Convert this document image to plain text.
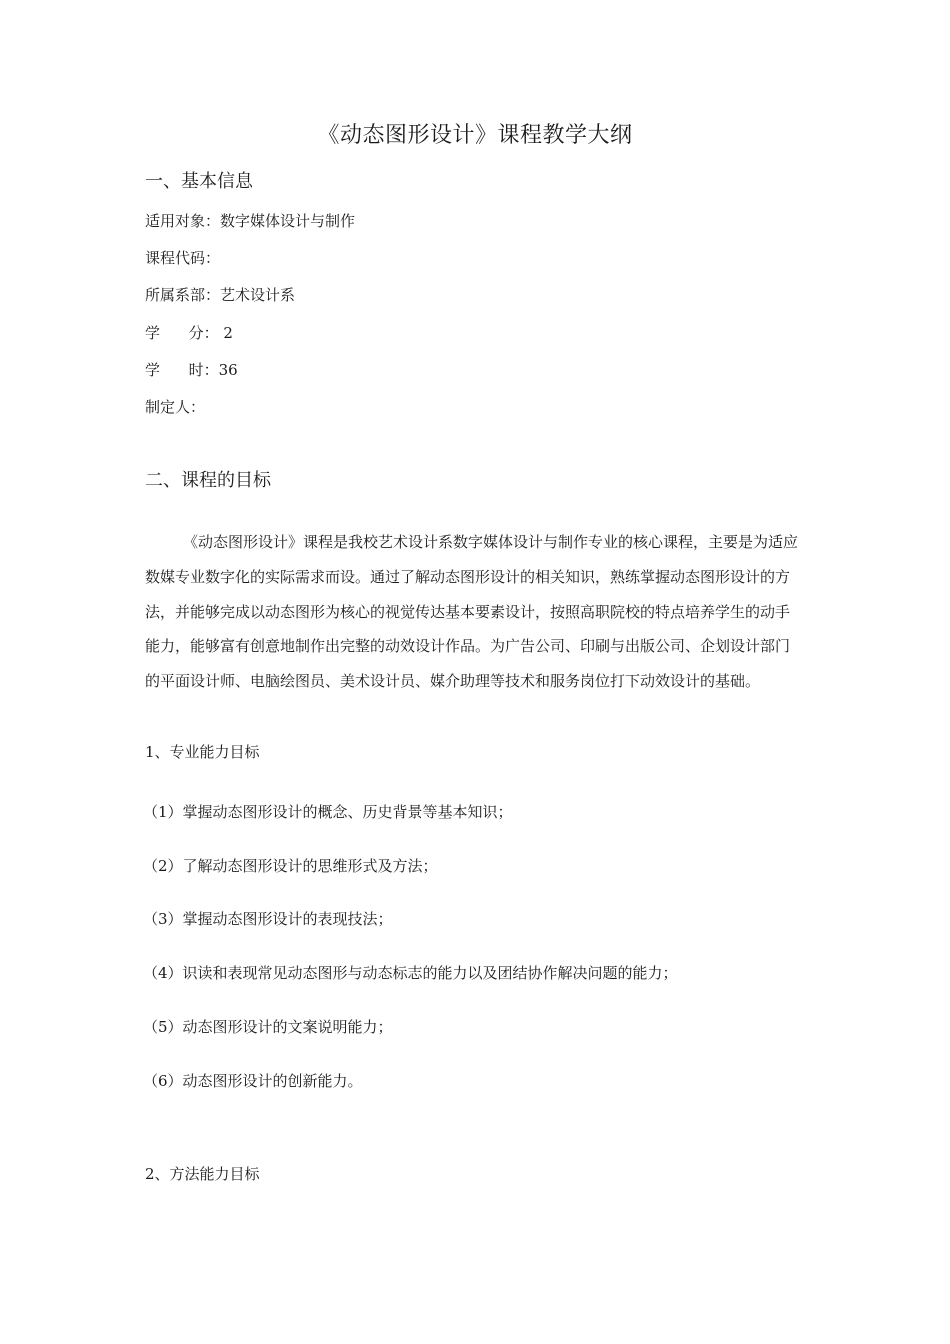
《动态图形设计》课程教学大纲
一、基本信息
适用对象：数字媒体设计与制作
课程代码：
所属系部：艺术设计系
学      分： 2
学      时：36
制定人：
二、课程的目标
《动态图形设计》课程是我校艺术设计系数字媒体设计与制作专业的核心课程，主要是为适应
数媒专业数字化的实际需求而设。通过了解动态图形设计的相关知识，熟练掌握动态图形设计的方
法，并能够完成以动态图形为核心的视觉传达基本要素设计，按照高职院校的特点培养学生的动手
能力，能够富有创意地制作出完整的动效设计作品。为广告公司、印刷与出版公司、企划设计部门
的平面设计师、电脑绘图员、美术设计员、媒介助理等技术和服务岗位打下动效设计的基础。
1、专业能力目标
（1）掌握动态图形设计的概念、历史背景等基本知识；
（2）了解动态图形设计的思维形式及方法；
（3）掌握动态图形设计的表现技法；
（4）识读和表现常见动态图形与动态标志的能力以及团结协作解决问题的能力；
（5）动态图形设计的文案说明能力；
（6）动态图形设计的创新能力。
2、方法能力目标
